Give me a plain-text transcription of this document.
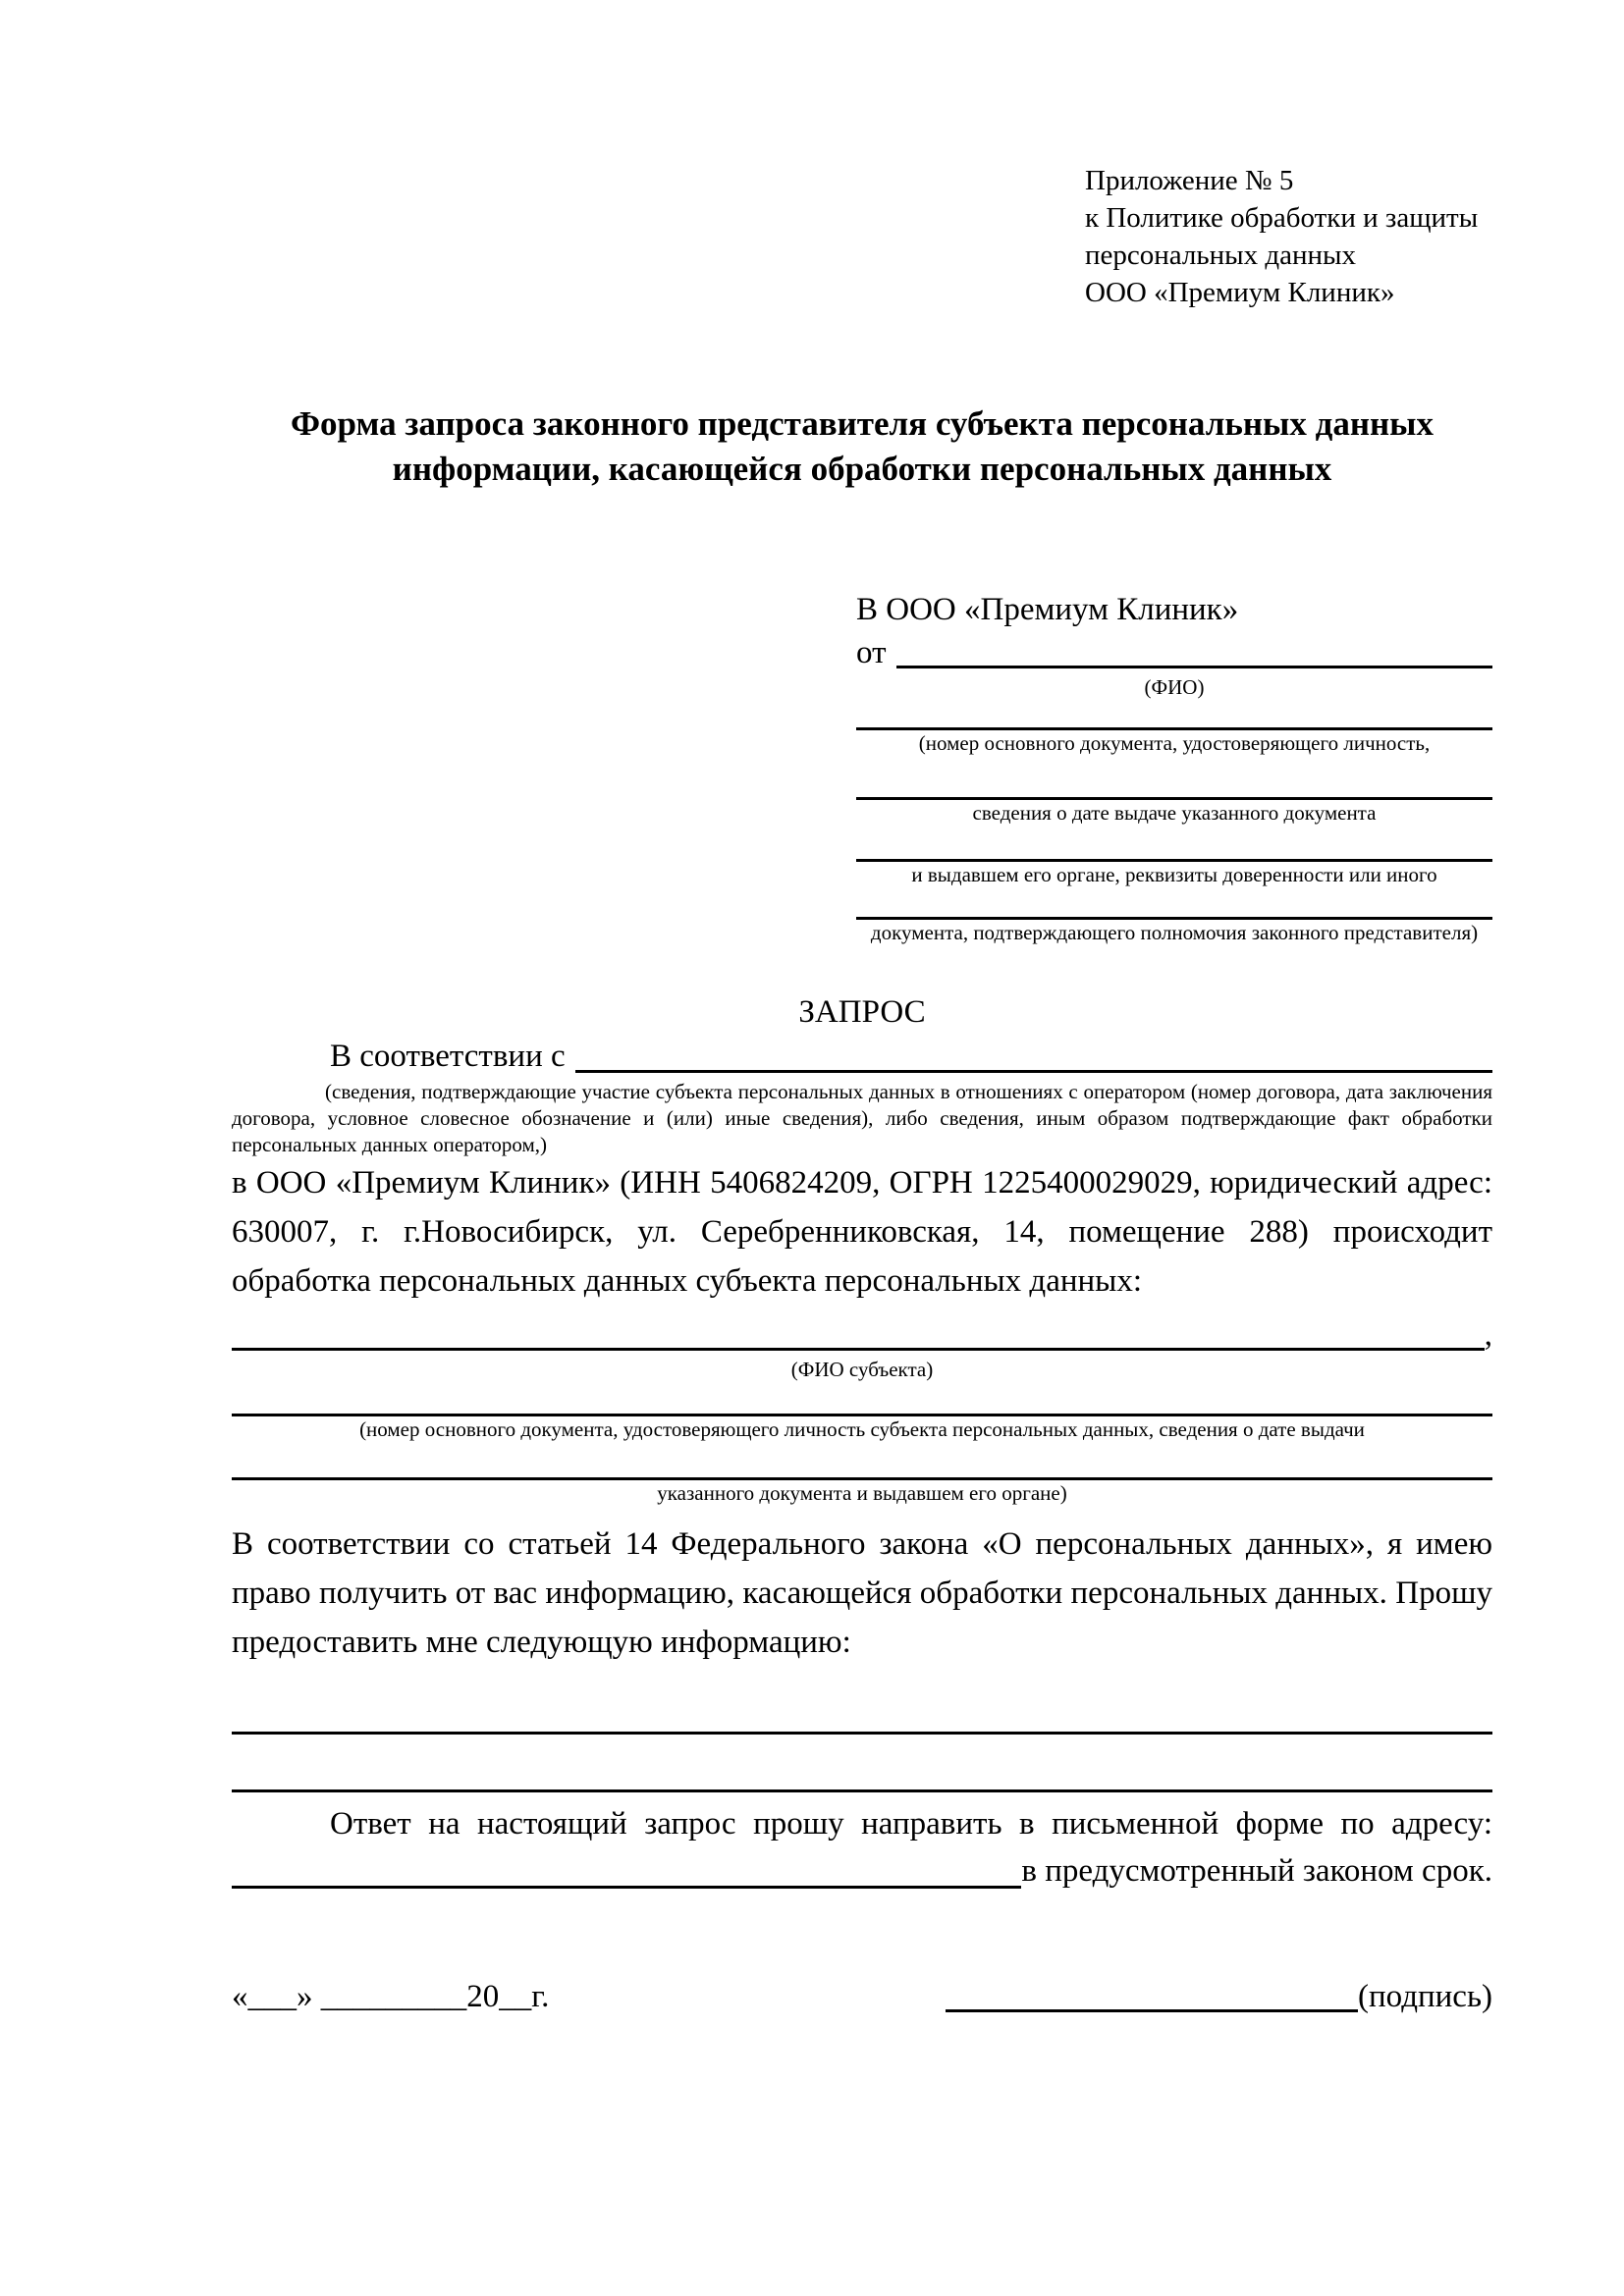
Приложение № 5
к Политике обработки и защиты
персональных данных
ООО «Премиум Клиник»
Форма запроса законного представителя субъекта персональных данных информации, касающейся обработки персональных данных
В ООО «Премиум Клиник»
от
(ФИО)
(номер основного документа, удостоверяющего личность,
сведения о дате выдаче указанного документа
и выдавшем его органе, реквизиты доверенности или иного
документа, подтверждающего полномочия законного представителя)
ЗАПРОС
В соответствии с
(сведения, подтверждающие участие субъекта персональных данных в отношениях с оператором (номер договора, дата заключения договора, условное словесное обозначение и (или) иные сведения), либо сведения, иным образом подтверждающие факт обработки персональных данных оператором,)
в ООО «Премиум Клиник» (ИНН 5406824209, ОГРН 1225400029029, юридический адрес: 630007, г. г.Новосибирск, ул. Серебренниковская, 14, помещение 288) происходит обработка персональных данных субъекта персональных данных:
,
(ФИО субъекта)
(номер основного документа, удостоверяющего личность субъекта персональных данных, сведения о дате выдачи
указанного документа и выдавшем его органе)
В соответствии со статьей 14 Федерального закона «О персональных данных», я имею право получить от вас информацию, касающейся обработки персональных данных. Прошу предоставить мне следующую информацию:
Ответ на настоящий запрос прошу направить в письменной форме по адресу:
в предусмотренный законом срок.
«___» _________20__г.	(подпись)
